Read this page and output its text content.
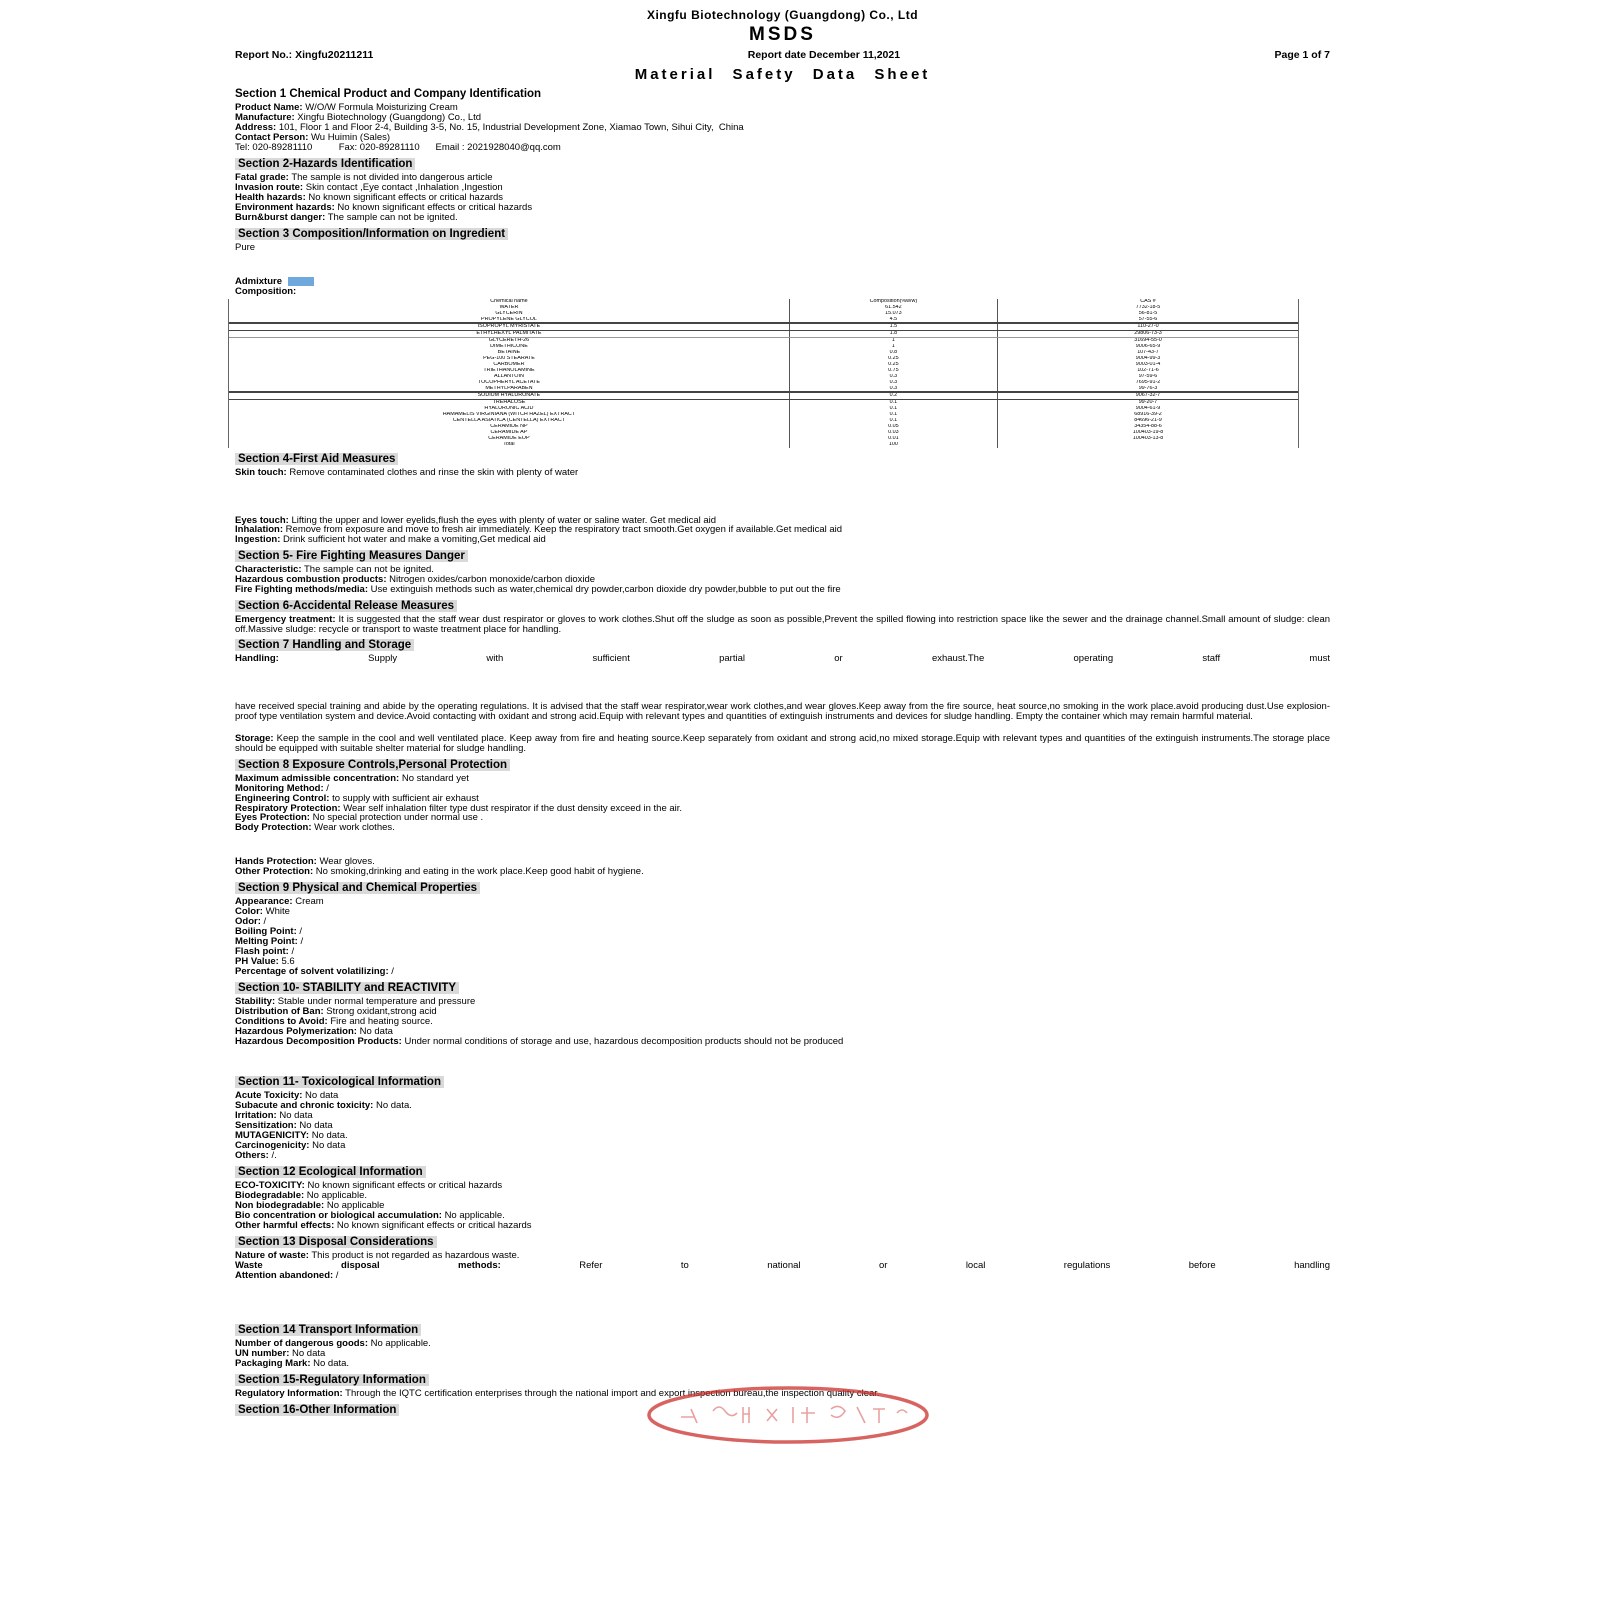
Xingfu Biotechnology (Guangdong) Co., Ltd
MSDS
Report No.: Xingfu20211211	Report date December 11,2021	Page 1 of 7
Material Safety Data Sheet
Section 1 Chemical Product and Company Identification
Product Name: W/O/W Formula Moisturizing Cream
Manufacture: Xingfu Biotechnology (Guangdong) Co., Ltd
Address: 101, Floor 1 and Floor 2-4, Building 3-5, No. 15, Industrial Development Zone, Xiamao Town, Sihui City,  China
Contact Person: Wu Huimin (Sales)
Tel: 020-89281110          Fax: 020-89281110      Email : 2021928040@qq.com
Section 2-Hazards Identification
Fatal grade: The sample is not divided into dangerous article
Invasion route: Skin contact ,Eye contact ,Inhalation ,Ingestion
Health hazards: No known significant effects or critical hazards
Environment hazards: No known significant effects or critical hazards
Burn&burst danger: The sample can not be ignited.
Section 3 Composition/Information on Ingredient
Pure
Admixture
Composition:
Chemical name	Composition(%w/w)	CAS #
WATER	61.542	7732-18-5
GLYCERIN	15.073	56-81-5
PROPYLENE GLYCOL	4.5	57-55-6
ISOPROPYL MYRISTATE	1.5	110-27-0
ETHYLHEXYL PALMITATE	1.8	29806-73-3
GLYCERETH-26	1	31694-55-0
DIMETHICONE	1	9006-65-9
BETAINE	0.8	107-43-7
PEG-100 STEARATE	0.25	9004-99-3
CARBOMER	0.25	9003-01-4
TRIETHANOLAMINE	0.75	102-71-6
ALLANTOIN	0.3	97-59-6
TOCOPHERYL ACETATE	0.3	7695-91-2
METHYLPARABEN	0.3	99-76-3
SODIUM HYALURONATE	0.2	9067-32-7
TREHALOSE	0.1	99-20-7
HYALURONIC ACID	0.1	9004-61-9
HAMAMELIS VIRGINIANA (WITCH HAZEL) EXTRACT	0.1	68916-39-2
CENTELLA ASIATICA (CENTELLA) EXTRACT	0.1	84696-21-9
CERAMIDE NP	0.05	34354-88-6
CERAMIDE AP	0.03	100403-19-8
CERAMIDE EOP	0.01	100403-13-8
Total	100
Section 4-First Aid Measures
Skin touch: Remove contaminated clothes and rinse the skin with plenty of water
Eyes touch: Lifting the upper and lower eyelids,flush the eyes with plenty of water or saline water. Get medical aid
Inhalation: Remove from exposure and move to fresh air immediately. Keep the respiratory tract smooth.Get oxygen if available.Get medical aid
Ingestion: Drink sufficient hot water and make a vomiting,Get medical aid
Section 5- Fire Fighting Measures Danger
Characteristic: The sample can not be ignited.
Hazardous combustion products: Nitrogen oxides/carbon monoxide/carbon dioxide
Fire Fighting methods/media: Use extinguish methods such as water,chemical dry powder,carbon dioxide dry powder,bubble to put out the fire
Section 6-Accidental Release Measures
Emergency treatment: It is suggested that the staff wear dust respirator or gloves to work clothes.Shut off the sludge as soon as possible,Prevent the spilled flowing into restriction space like the sewer and the drainage channel.Small amount of sludge: clean off.Massive sludge: recycle or transport to waste treatment place for handling.
Section 7 Handling and Storage
Handling:	Supply with sufficient partial or exhaust.The operating staff must
have received special training and abide by the operating regulations. It is advised that the staff wear respirator,wear work clothes,and wear gloves.Keep away from the fire source, heat source,no smoking in the work place.avoid producing dust.Use explosion-proof type ventilation system and device.Avoid contacting with oxidant and strong acid.Equip with relevant types and quantities of extinguish instruments and devices for sludge handling. Empty the container which may remain harmful material.
Storage: Keep the sample in the cool and well ventilated place. Keep away from fire and heating source.Keep separately from oxidant and strong acid,no mixed storage.Equip with relevant types and quantities of the extinguish instruments.The storage place should be equipped with suitable shelter material for sludge handling.
Section 8 Exposure Controls,Personal Protection
Maximum admissible concentration: No standard yet
Monitoring Method: /
Engineering Control: to supply with sufficient air exhaust
Respiratory Protection: Wear self inhalation filter type dust respirator if the dust density exceed in the air.
Eyes Protection: No special protection under normal use .
Body Protection: Wear work clothes.
Hands Protection: Wear gloves.
Other Protection: No smoking,drinking and eating in the work place.Keep good habit of hygiene.
Section 9 Physical and Chemical Properties
Appearance: Cream
Color: White
Odor: /
Boiling Point: /
Melting Point: /
Flash point: /
PH Value: 5.6
Percentage of solvent volatilizing: /
Section 10- STABILITY and REACTIVITY
Stability: Stable under normal temperature and pressure
Distribution of Ban: Strong oxidant,strong acid
Conditions to Avoid: Fire and heating source.
Hazardous Polymerization: No data
Hazardous Decomposition Products: Under normal conditions of storage and use, hazardous decomposition products should not be produced
Section 11- Toxicological Information
Acute Toxicity: No data
Subacute and chronic toxicity: No data.
Irritation: No data
Sensitization: No data
MUTAGENICITY: No data.
Carcinogenicity: No data
Others: /.
Section 12 Ecological Information
ECO-TOXICITY: No known significant effects or critical hazards
Biodegradable: No applicable.
Non biodegradable: No applicable
Bio concentration or biological accumulation: No applicable.
Other harmful effects: No known significant effects or critical hazards
Section 13 Disposal Considerations
Nature of waste: This product is not regarded as hazardous waste.
Waste disposal methods:	Refer to national or local regulations before handling
Attention abandoned: /
Section 14 Transport Information
Number of dangerous goods: No applicable.
UN number: No data
Packaging Mark: No data.
Section 15-Regulatory Information
Regulatory Information: Through the IQTC certification enterprises through the national import and export inspection bureau,the inspection quality clear.
Section 16-Other Information
